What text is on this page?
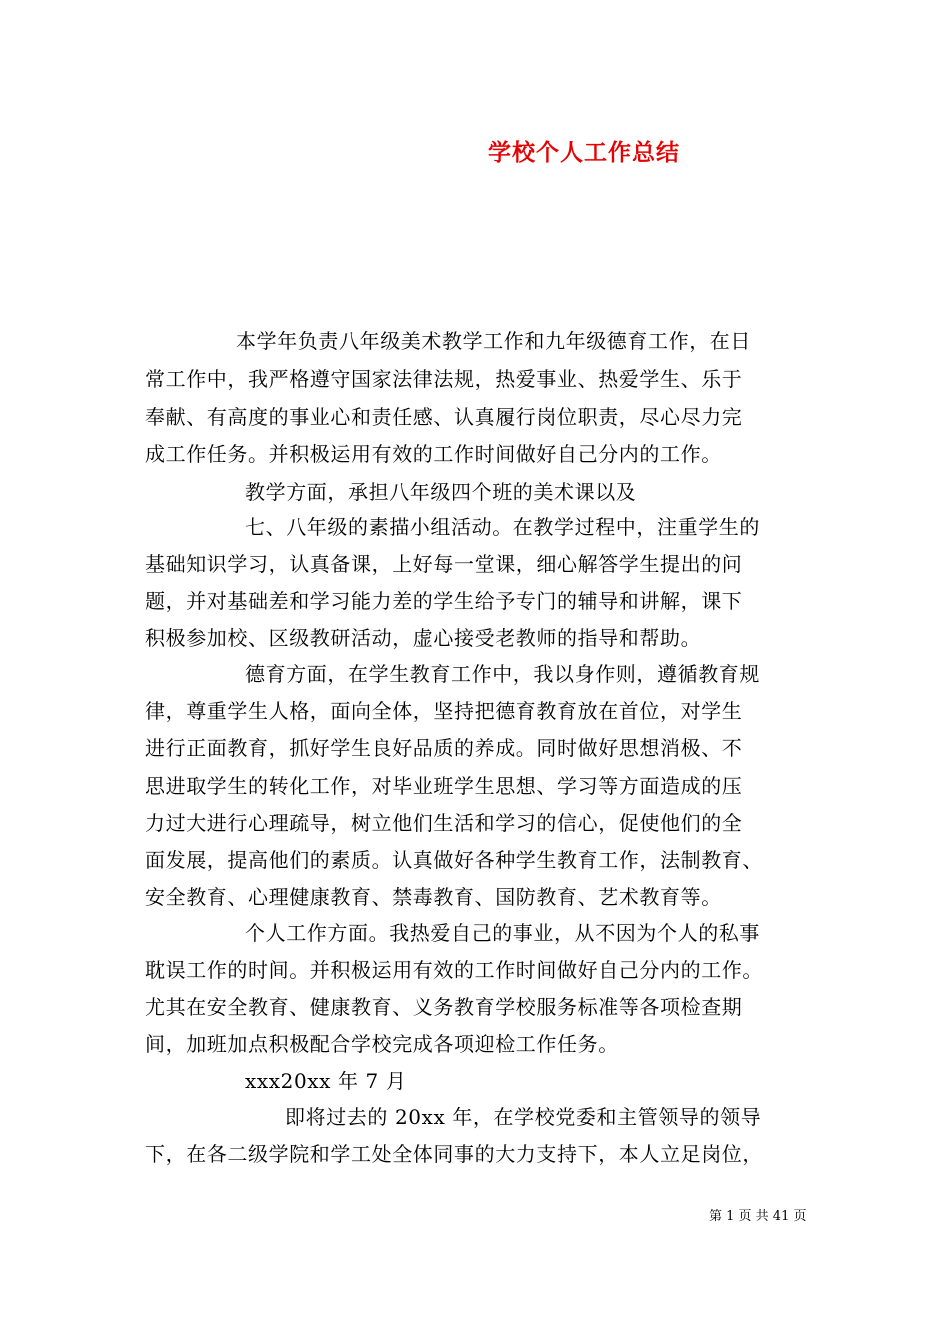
学校个人工作总结
本学年负责八年级美术教学工作和九年级德育工作，在日
常工作中，我严格遵守国家法律法规，热爱事业、热爱学生、乐于
奉献、有高度的事业心和责任感、认真履行岗位职责，尽心尽力完
成工作任务。并积极运用有效的工作时间做好自己分内的工作。
教学方面，承担八年级四个班的美术课以及
七、八年级的素描小组活动。在教学过程中，注重学生的
基础知识学习，认真备课，上好每一堂课，细心解答学生提出的问
题，并对基础差和学习能力差的学生给予专门的辅导和讲解，课下
积极参加校、区级教研活动，虚心接受老教师的指导和帮助。
德育方面，在学生教育工作中，我以身作则，遵循教育规
律，尊重学生人格，面向全体，坚持把德育教育放在首位，对学生
进行正面教育，抓好学生良好品质的养成。同时做好思想消极、不
思进取学生的转化工作，对毕业班学生思想、学习等方面造成的压
力过大进行心理疏导，树立他们生活和学习的信心，促使他们的全
面发展，提高他们的素质。认真做好各种学生教育工作，法制教育、
安全教育、心理健康教育、禁毒教育、国防教育、艺术教育等。
个人工作方面。我热爱自己的事业，从不因为个人的私事
耽误工作的时间。并积极运用有效的工作时间做好自己分内的工作。
尤其在安全教育、健康教育、义务教育学校服务标准等各项检查期
间，加班加点积极配合学校完成各项迎检工作任务。
xxx20xx 年 7 月
即将过去的 20xx 年，在学校党委和主管领导的领导
下，在各二级学院和学工处全体同事的大力支持下，本人立足岗位，
第 1 页 共 41 页
